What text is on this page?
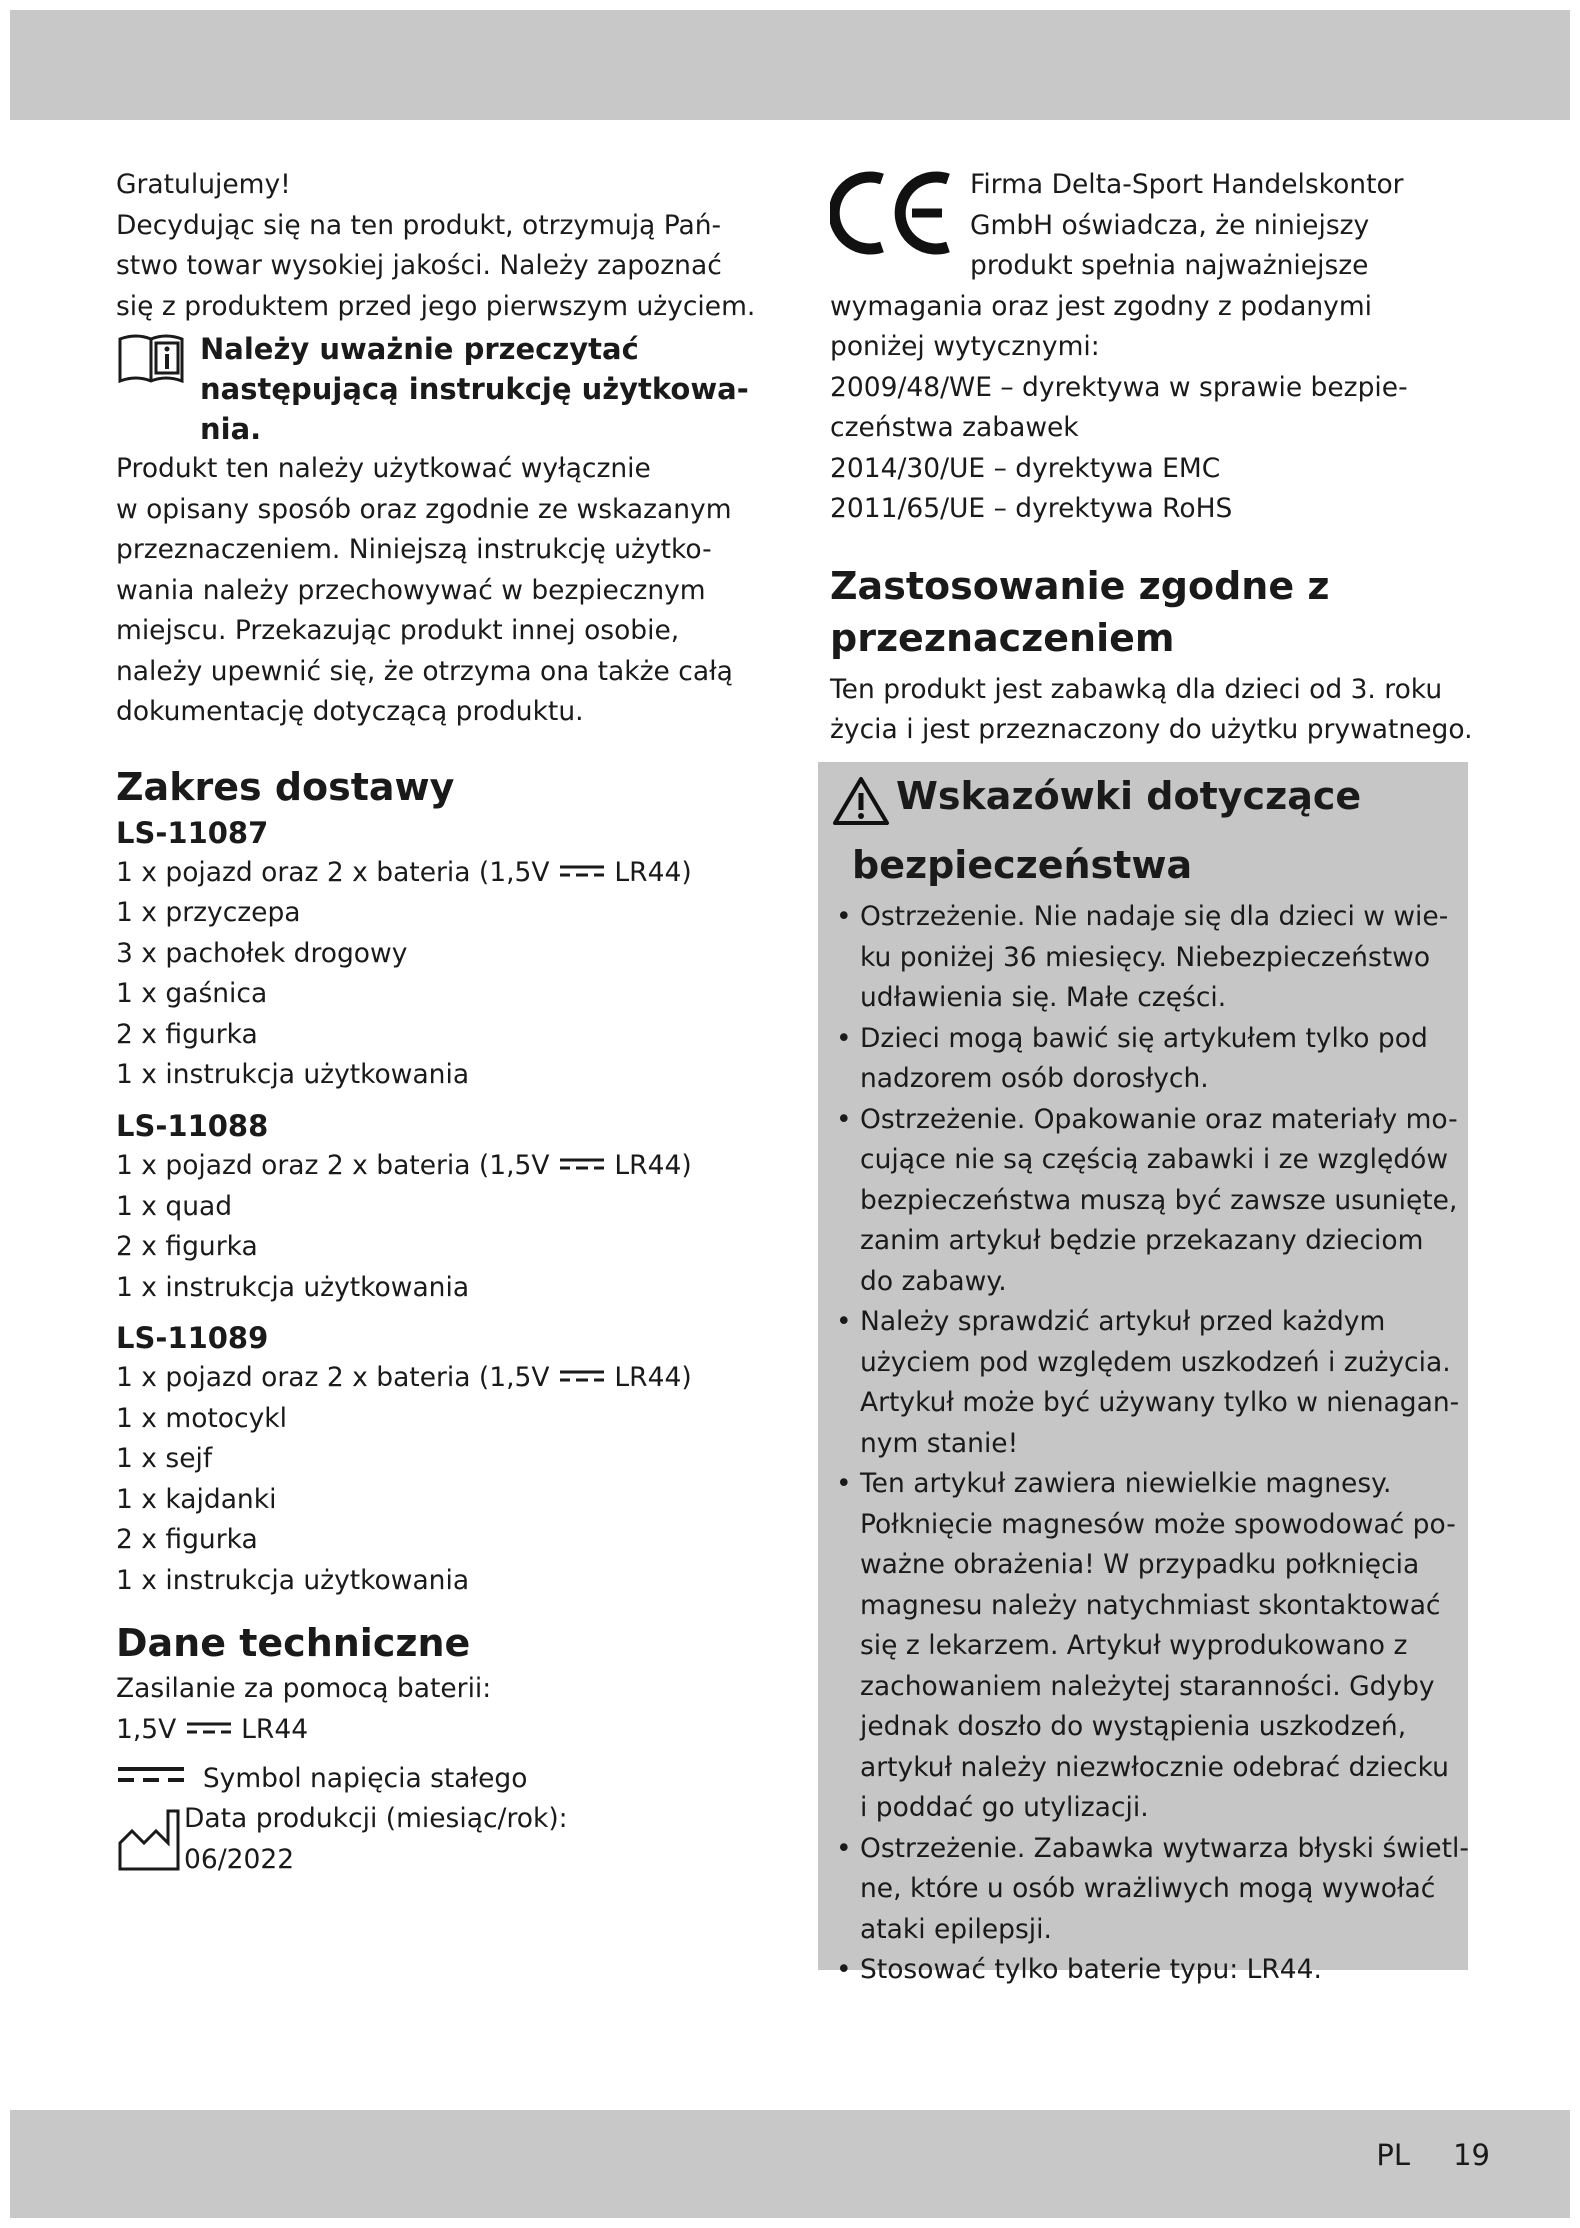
Gratulujemy!

Decydując się na ten produkt, otrzymują Pań-
stwo towar wysokiej jakości. Należy zapoznać
się z produktem przed jego pierwszym użyciem.
Należy uważnie przeczytać
następującą instrukcję użytkowa-
nia.
Produkt ten należy użytkować wyłącznie
w opisany sposób oraz zgodnie ze wskazanym
przeznaczeniem. Niniejszą instrukcję użytko-
wania należy przechowywać w bezpiecznym
miejscu. Przekazując produkt innej osobie,
należy upewnić się, że otrzyma ona także całą
dokumentację dotyczącą produktu.
Zakres dostawy
LS-11087
1 x pojazd oraz 2 x bateria (1,5V LR44)
1 x przyczepa
3 x pachołek drogowy
1 x gaśnica
2 x figurka
1 x instrukcja użytkowania
LS-11088
1 x pojazd oraz 2 x bateria (1,5V LR44)
1 x quad
2 x figurka
1 x instrukcja użytkowania
LS-11089
1 x pojazd oraz 2 x bateria (1,5V LR44)
1 x motocykl
1 x sejf
1 x kajdanki
2 x figurka
1 x instrukcja użytkowania
Dane techniczne
Zasilanie za pomocą baterii:
1,5V LR44
Symbol napięcia stałego
Data produkcji (miesiąc/rok):
06/2022
Firma Delta-Sport Handelskontor
GmbH oświadcza, że niniejszy
produkt spełnia najważniejsze
wymagania oraz jest zgodny z podanymi
poniżej wytycznymi:
2009/48/WE – dyrektywa w sprawie bezpie-
czeństwa zabawek
2014/30/UE – dyrektywa EMC
2011/65/UE – dyrektywa RoHS
Zastosowanie zgodne z
przeznaczeniem
Ten produkt jest zabawką dla dzieci od 3. roku
życia i jest przeznaczony do użytku prywatnego.
Wskazówki dotyczące
bezpieczeństwa
• Ostrzeżenie. Nie nadaje się dla dzieci w wie-
ku poniżej 36 miesięcy. Niebezpieczeństwo
udławienia się. Małe części.
• Dzieci mogą bawić się artykułem tylko pod
nadzorem osób dorosłych.
• Ostrzeżenie. Opakowanie oraz materiały mo-
cujące nie są częścią zabawki i ze względów
bezpieczeństwa muszą być zawsze usunięte,
zanim artykuł będzie przekazany dzieciom
do zabawy.
• Należy sprawdzić artykuł przed każdym
użyciem pod względem uszkodzeń i zużycia.
Artykuł może być używany tylko w nienagan-
nym stanie!
• Ten artykuł zawiera niewielkie magnesy.
Połknięcie magnesów może spowodować po-
ważne obrażenia! W przypadku połknięcia
magnesu należy natychmiast skontaktować
się z lekarzem. Artykuł wyprodukowano z
zachowaniem należytej staranności. Gdyby
jednak doszło do wystąpienia uszkodzeń,
artykuł należy niezwłocznie odebrać dziecku
i poddać go utylizacji.
• Ostrzeżenie. Zabawka wytwarza błyski świetl-
ne, które u osób wrażliwych mogą wywołać
ataki epilepsji.
• Stosować tylko baterie typu: LR44.
PL 19
